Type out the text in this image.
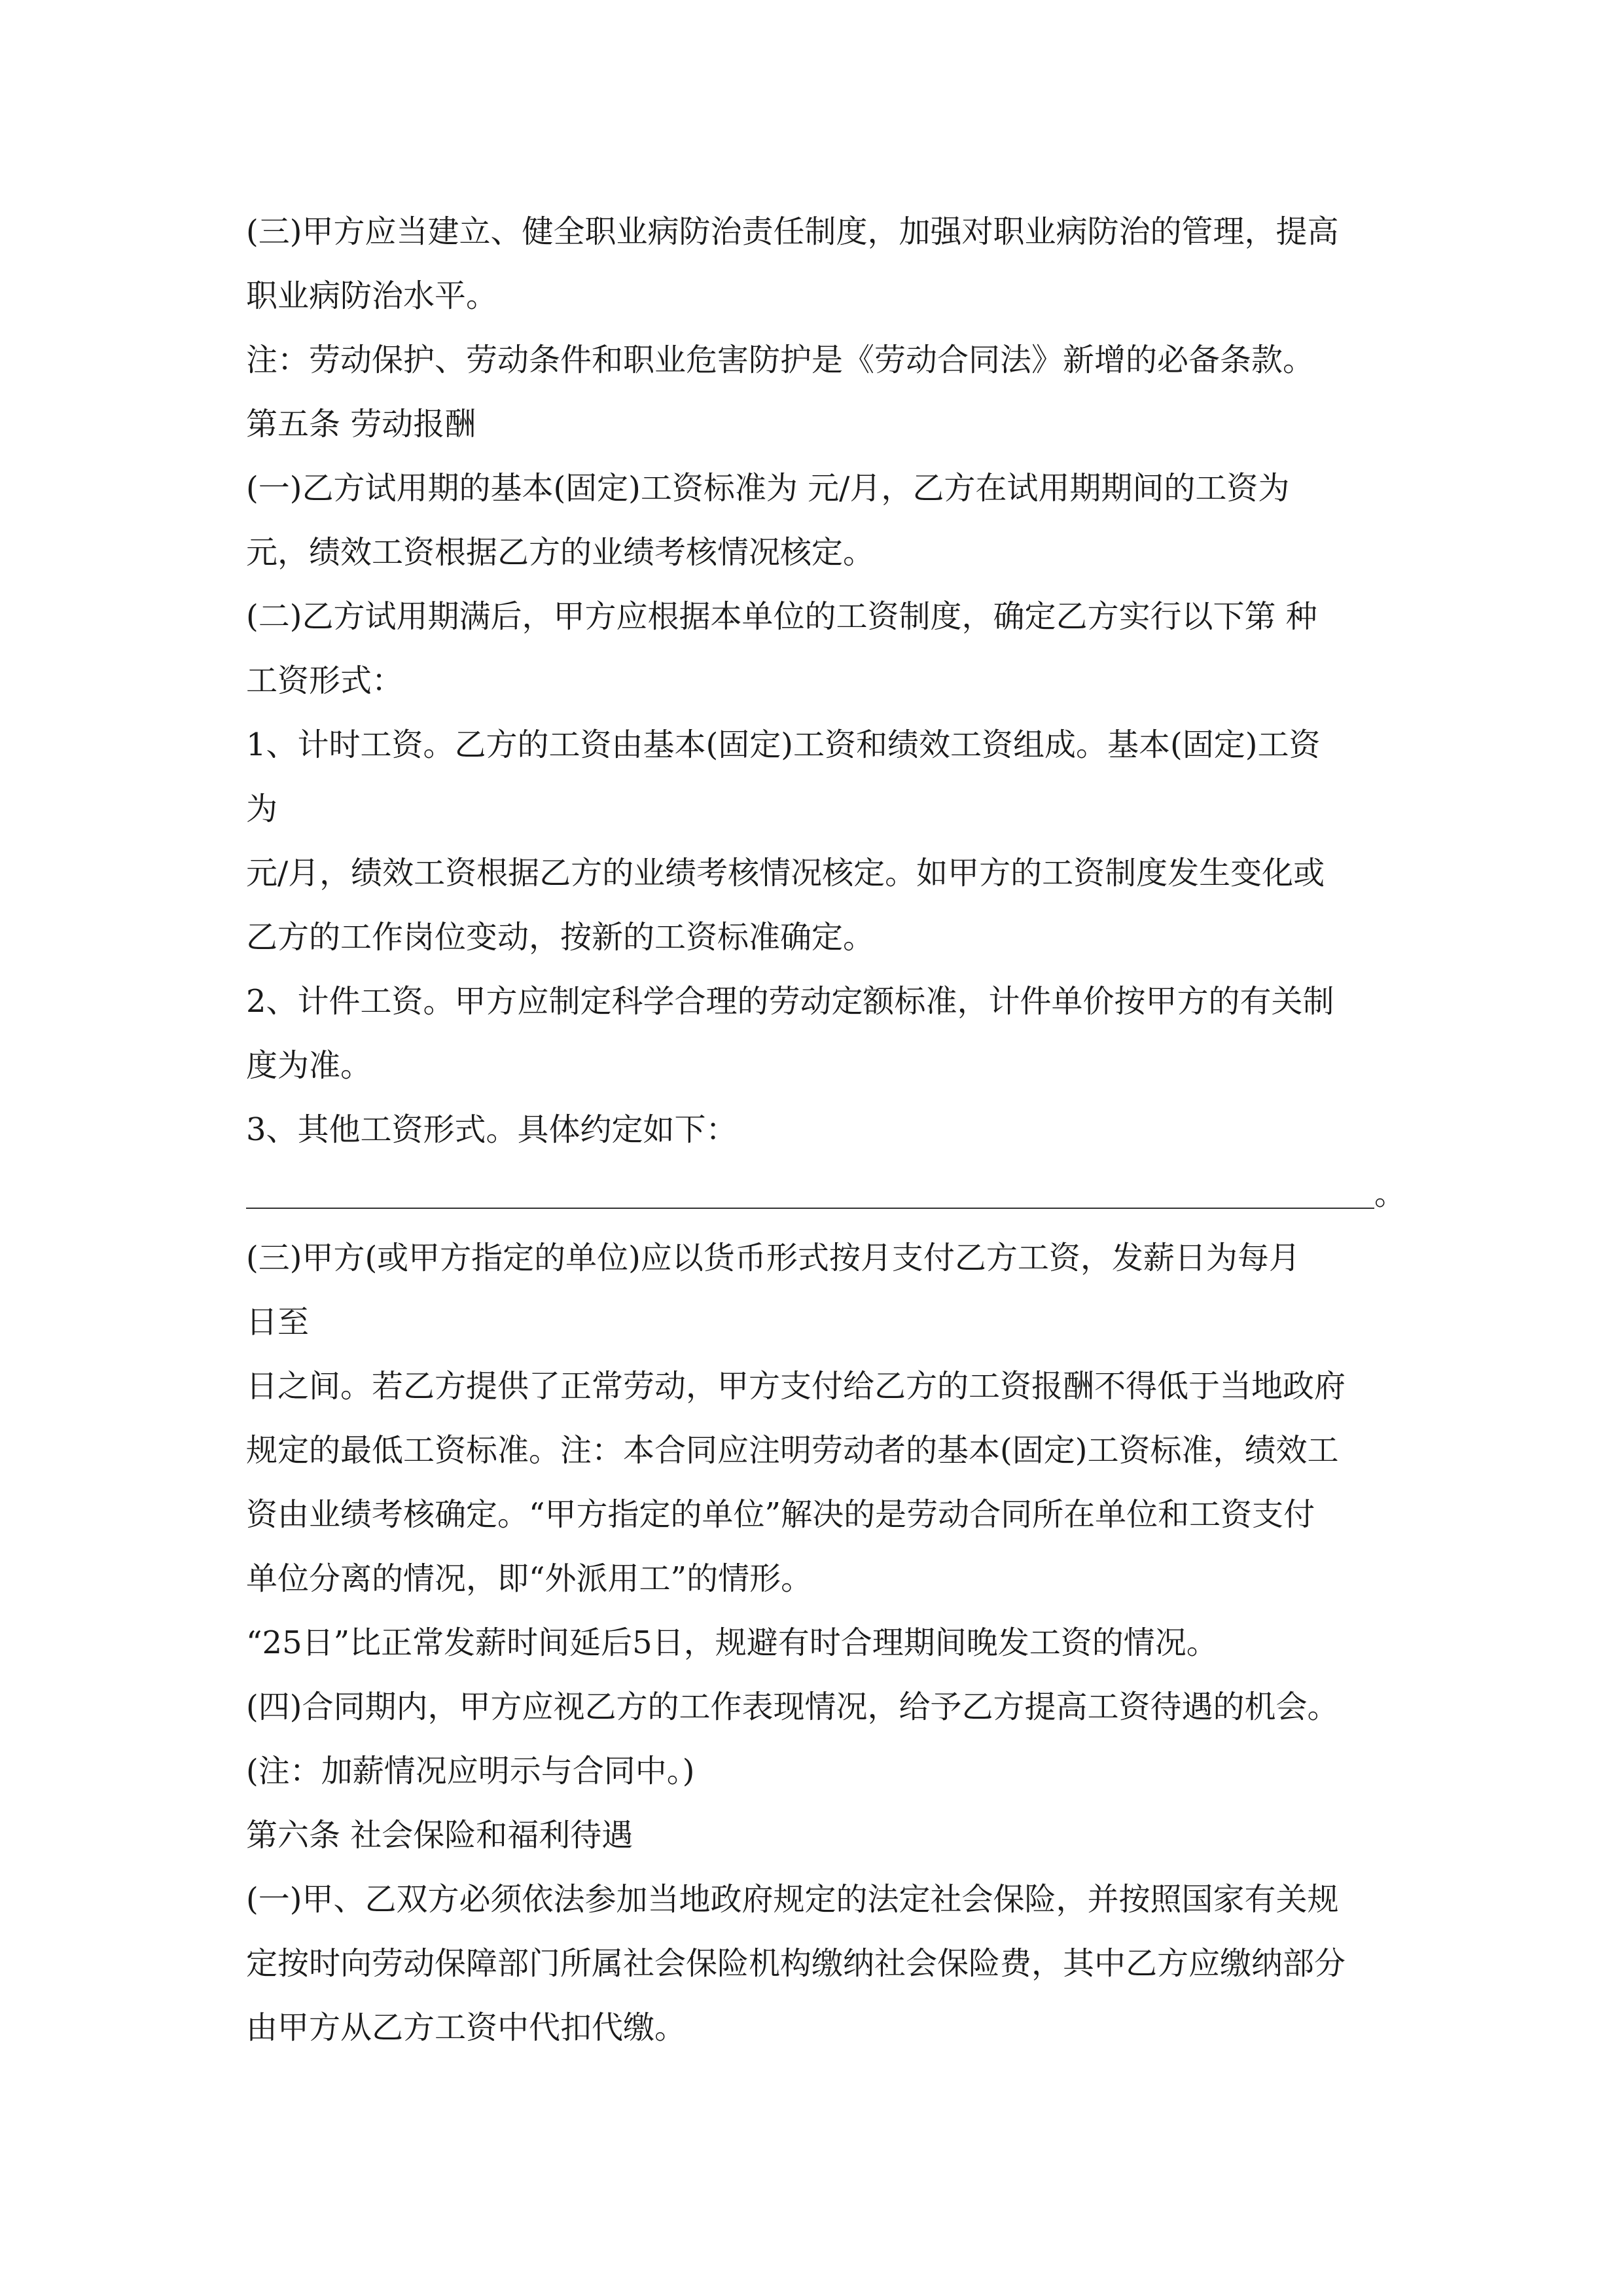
(三)甲方应当建立、健全职业病防治责任制度，加强对职业病防治的管理，提高
职业病防治水平。
注：劳动保护、劳动条件和职业危害防护是《劳动合同法》新增的必备条款。
第五条 劳动报酬
(一)乙方试用期的基本(固定)工资标准为 元/月，乙方在试用期期间的工资为
元，绩效工资根据乙方的业绩考核情况核定。
(二)乙方试用期满后，甲方应根据本单位的工资制度，确定乙方实行以下第 种
工资形式：
1、计时工资。乙方的工资由基本(固定)工资和绩效工资组成。基本(固定)工资
为
元/月，绩效工资根据乙方的业绩考核情况核定。如甲方的工资制度发生变化或
乙方的工作岗位变动，按新的工资标准确定。
2、计件工资。甲方应制定科学合理的劳动定额标准，计件单价按甲方的有关制
度为准。
3、其他工资形式。具体约定如下：
。
(三)甲方(或甲方指定的单位)应以货币形式按月支付乙方工资，发薪日为每月
日至
日之间。若乙方提供了正常劳动，甲方支付给乙方的工资报酬不得低于当地政府
规定的最低工资标准。注：本合同应注明劳动者的基本(固定)工资标准，绩效工
资由业绩考核确定。“甲方指定的单位”解决的是劳动合同所在单位和工资支付
单位分离的情况，即“外派用工”的情形。
“25日”比正常发薪时间延后5日，规避有时合理期间晚发工资的情况。
(四)合同期内，甲方应视乙方的工作表现情况，给予乙方提高工资待遇的机会。
(注：加薪情况应明示与合同中。)
第六条 社会保险和福利待遇
(一)甲、乙双方必须依法参加当地政府规定的法定社会保险，并按照国家有关规
定按时向劳动保障部门所属社会保险机构缴纳社会保险费，其中乙方应缴纳部分
由甲方从乙方工资中代扣代缴。
